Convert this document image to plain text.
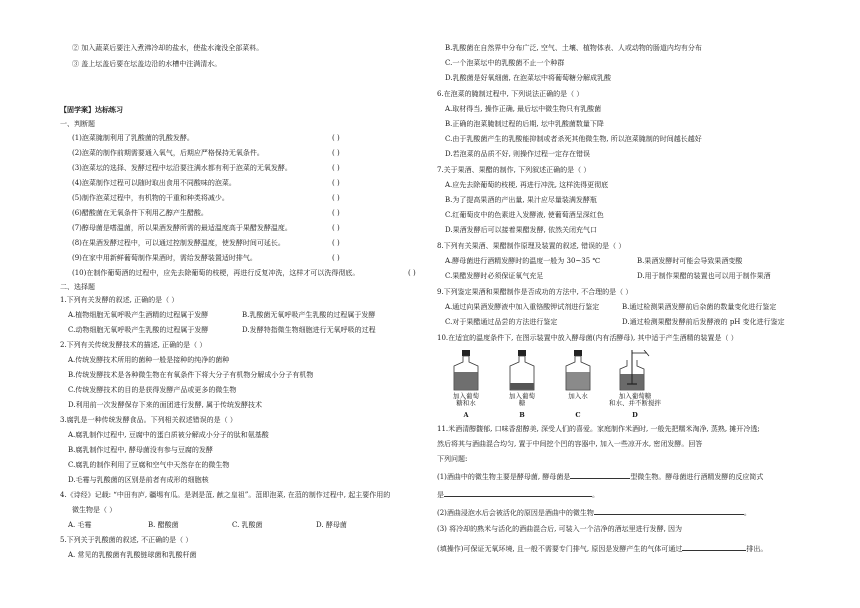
② 加入蔬菜后要注入煮沸冷却的盐水，使盐水淹没全部菜料。
③ 盖上坛盖后要在坛盖边沿的水槽中注满清水。
【固学案】达标练习
一、判断题
(1)泡菜腌制利用了乳酸菌的乳酸发酵。	( )
(2)泡菜的制作前期需要通入氧气，后期应严格保持无氧条件。	( )
(3)泡菜坛的选择、发酵过程中坛沿要注满水都有利于泡菜的无氧发酵。	( )
(4)泡菜制作过程可以随时取出食用不同酸味的泡菜。	( )
(5)制作泡菜过程中，有机物的干重和种类将减少。	( )
(6)醋酸菌在无氧条件下利用乙醇产生醋酸。	( )
(7)醇母菌是嗜温菌，所以果酒发酵所需的最适温度高于果醋发酵温度。	( )
(8)在果酒发酵过程中，可以通过控制发酵温度，使发酵时间可延长。	( )
(9)在家中用新鲜葡萄制作果酒时，需给发酵装置适时排气。	( )
(10)在制作葡萄酒的过程中，应先去除葡萄的枝梗，再进行反复冲洗，这样才可以洗得彻底。	( )
二、选择题
1.下列有关发酵的叙述, 正确的是（ ）
A.植物细胞无氧呼吸产生酒精的过程属于发酵	B.乳酸菌无氧呼吸产生乳酸的过程属于发酵
C.动物细胞无氧呼吸产生乳酸的过程属于发酵	D.发酵特指微生物细胞进行无氧呼吸的过程
2.下列有关传统发酵技术的描述, 正确的是（ ）
A.传统发酵技术所用的菌种一般是接种的纯净的菌种
B.传统发酵技术是各种微生物在有氧条件下将大分子有机物分解成小分子有机物
C.传统发酵技术的目的是获得发酵产品或更多的微生物
D.利用前一次发酵保存下来的面团进行发酵, 属于传统发酵技术
3.腐乳是一种传统发酵食品。下列相关叙述错误的是（ ）
A.腐乳制作过程中, 豆腐中的蛋白质被分解成小分子的肽和氨基酸
B.腐乳制作过程中, 酵母菌没有参与豆腐的发酵
C.腐乳的制作利用了豆腐和空气中天然存在的微生物
D.毛霉与乳酸菌的区别是前者有成形的细胞核
4.《诗经》记载: “中田有庐, 疆埸有瓜。是剥是菹, 献之皇祖”。菹即泡菜, 在菹的制作过程中, 起主要作用的
微生物是（ ）
A. 毛霉	B. 醋酸菌	C. 乳酸菌	D. 酵母菌
5.下列关于乳酸菌的叙述, 不正确的是（ ）
A. 常见的乳酸菌有乳酸链球菌和乳酸杆菌
B.乳酸菌在自然界中分布广泛, 空气、土壤、植物体表、人或动物的肠道内均有分布
C.一个泡菜坛中的乳酸菌不止一个种群
D.乳酸菌是好氧细菌, 在泡菜坛中将葡萄糖分解成乳酸
6.在泡菜的腌制过程中, 下列说法正确的是（ ）
A.取材得当, 操作正确, 最后坛中微生物只有乳酸菌
B.正确的泡菜腌制过程的后期, 坛中乳酸菌数量下降
C.由于乳酸菌产生的乳酸能抑制或者杀死其他微生物, 所以泡菜腌制的时间越长越好
D.若泡菜的品质不好, 则操作过程一定存在错误
7.关于果酒、果醋的制作, 下列叙述正确的是（ ）
A.应先去除葡萄的枝梗, 再进行冲洗, 这样洗得更彻底
B.为了提高果酒的产出量, 果汁应尽量装满发酵瓶
C.红葡萄皮中的色素进入发酵液, 使葡萄酒呈深红色
D.果酒发酵后可以接着果醋发酵, 依然关闭充气口
8.下列有关果酒、果醋制作原理及装置的叙述, 错误的是（ ）
A.酵母菌进行酒精发酵时的温度一般为 30~35 ℃	B.果酒发酵时可能会导致果酒变酸
C.果醋发酵时必须保证氧气充足	D.用于制作果醋的装置也可以用于制作果酒
9.下列鉴定果酒和果醋制作是否成功的方法中, 不合理的是（ ）
A.通过向果酒发酵液中加入重铬酸钾试剂进行鉴定	B.通过检测果酒发酵前后杂菌的数量变化进行鉴定
C.对于果醋通过品尝的方法进行鉴定	D.通过检测果醋发酵前后发酵液的 pH 变化进行鉴定
10.在适宜的温度条件下, 在图示装置中放入酵母菌(内有活酵母), 其中适于产生酒精的装置是（ ）
加入葡萄
糖和水
加入葡萄
糖
加入水	加入葡萄糖
和水、并不断搅拌
A	B	C	D
11.米酒清醇馥郁, 口味香甜醇美, 深受人们的喜爱。家庭制作米酒时, 一般先把糯米淘净, 蒸熟, 摊开冷透;
然后将其与酒曲混合均匀, 置于中间挖个凹的容器中, 加入一些凉开水, 密闭发酵。回答
下列问题:
(1)酒曲中的微生物主要是酵母菌, 酵母菌是	型微生物。酵母菌进行酒精发酵的反应简式
是	。
(2)酒曲浸泡水后会被活化的原因是酒曲中的微生物	。
(3) 将冷却的熟米与活化的酒曲混合后, 可装入一个洁净的酒坛里进行发酵, 因为
(填操作)可保证无氧环境, 且一般不需要专门排气, 原因是发酵产生的气体可通过	排出。
